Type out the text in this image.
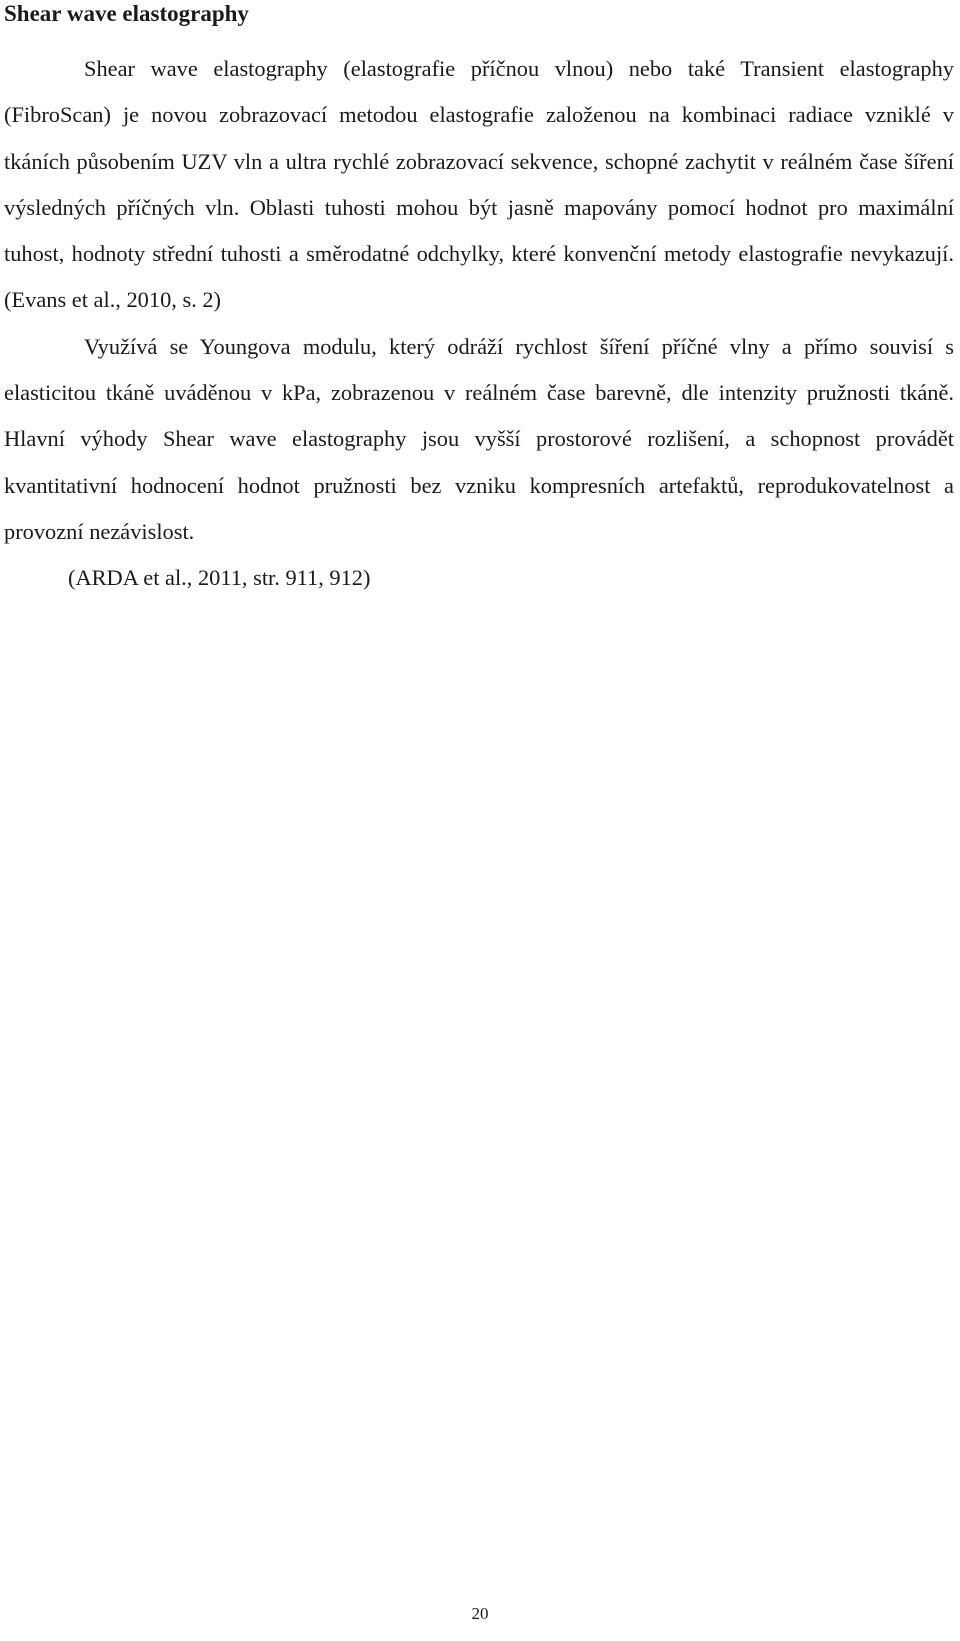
Shear wave elastography

Shear wave elastography (elastografie příčnou vlnou) nebo také Transient elastography (FibroScan) je novou zobrazovací metodou elastografie založenou na kombinaci radiace vzniklé v tkáních působením UZV vln a ultra rychlé zobrazovací sekvence, schopné zachytit v reálném čase šíření výsledných příčných vln. Oblasti tuhosti mohou být jasně mapovány pomocí hodnot pro maximální tuhost, hodnoty střední tuhosti a směrodatné odchylky, které konvenční metody elastografie nevykazují. (Evans et al., 2010, s. 2)

Využívá se Youngova modulu, který odráží rychlost šíření příčné vlny a přímo souvisí s elasticitou tkáně uváděnou v kPa, zobrazenou v reálném čase barevně, dle intenzity pružnosti tkáně. Hlavní výhody Shear wave elastography jsou vyšší prostorové rozlišení, a schopnost provádět kvantitativní hodnocení hodnot pružnosti bez vzniku kompresních artefaktů, reprodukovatelnost a provozní nezávislost.

(ARDA et al., 2011, str. 911, 912)

20
